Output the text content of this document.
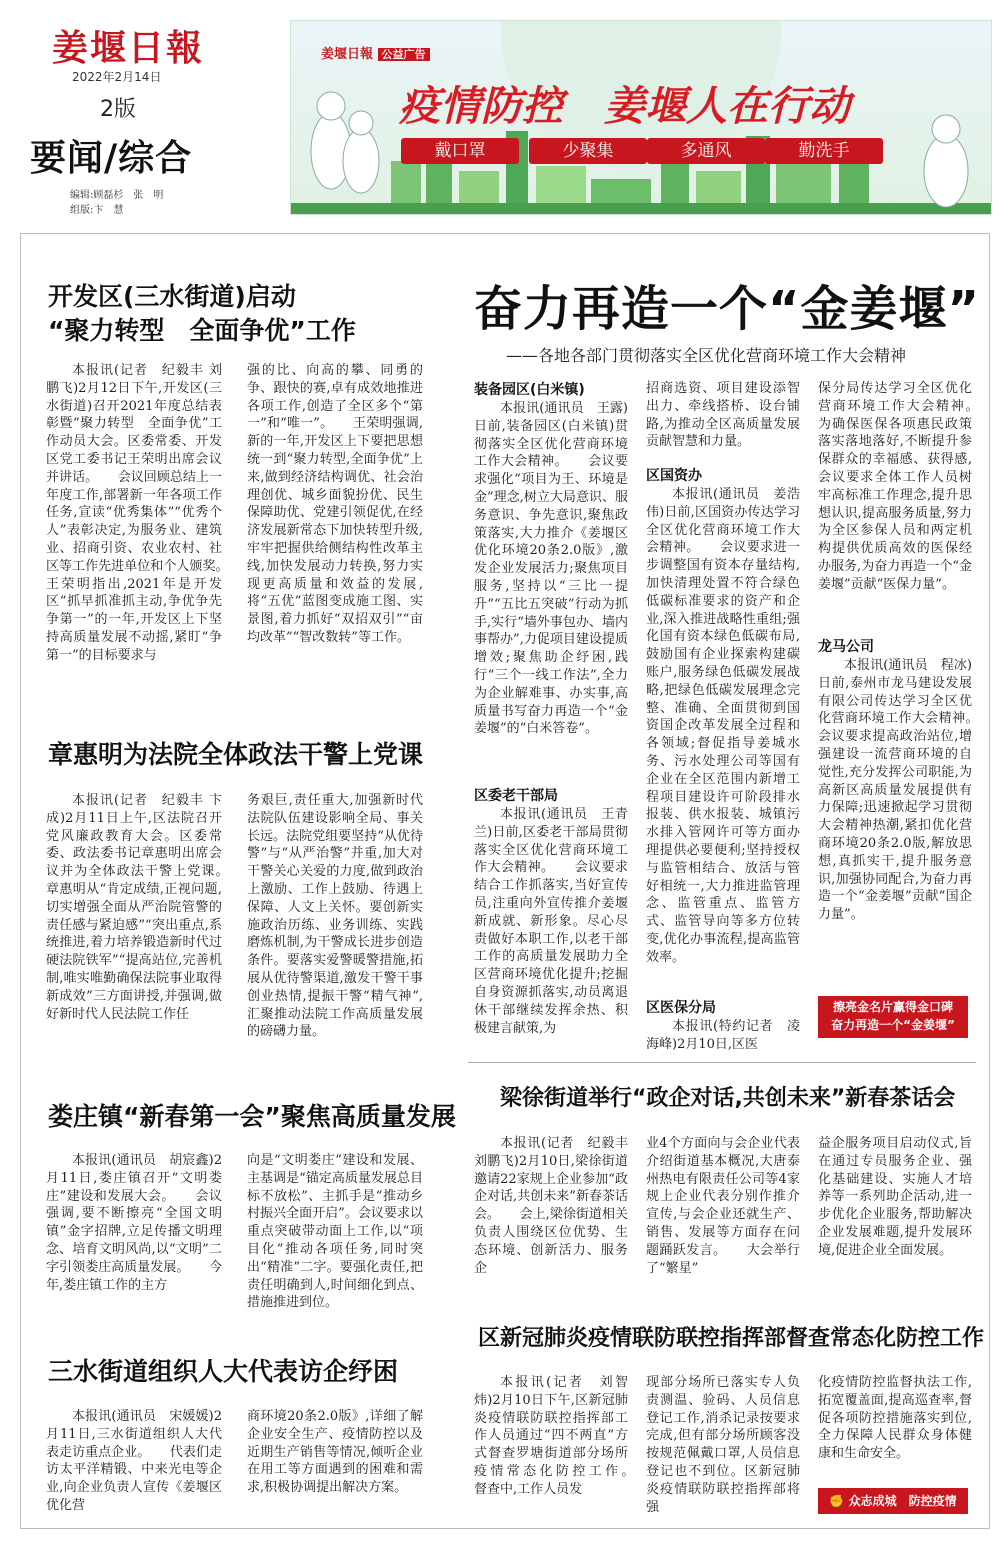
姜堰日報
2022年2月14日
2版
要闻/综合
编辑:顾磊杉　张　明
组版:卞　慧
姜堰日報 公益广告
疫情防控　姜堰人在行动
戴口罩	少聚集	多通风	勤洗手
开发区(三水街道)启动
“聚力转型　全面争优”工作

本报讯(记者　纪毅丰 刘鹏飞)2月12日下午,开发区(三水街道)召开2021年度总结表彰暨“聚力转型　全面争优”工作动员大会。区委常委、开发区党工委书记王荣明出席会议并讲话。　　会议回顾总结上一年度工作,部署新一年各项工作任务,宣读“优秀集体”“优秀个人”表彰决定,为服务业、建筑业、招商引资、农业农村、社区等工作先进单位和个人颁奖。　　王荣明指出,2021年是开发区“抓早抓准抓主动,争优争先争第一”的一年,开发区上下坚持高质量发展不动摇,紧盯“争第一”的目标要求与

强的比、向高的攀、同勇的争、跟快的赛,卓有成效地推进各项工作,创造了全区多个“第一”和“唯一”。　　王荣明强调,新的一年,开发区上下要把思想统一到“聚力转型,全面争优”上来,做到经济结构调优、社会治理创优、城乡面貌扮优、民生保障助优、党建引领促优,在经济发展新常态下加快转型升级,牢牢把握供给侧结构性改革主线,加快发展动力转换,努力实现更高质量和效益的发展,将“五优”蓝图变成施工图、实景图,着力抓好“双招双引”“亩均改革”“智改数转”等工作。

章惠明为法院全体政法干警上党课

本报讯(记者　纪毅丰 卞成)2月11日上午,区法院召开党风廉政教育大会。区委常委、政法委书记章惠明出席会议并为全体政法干警上党课。　　章惠明从“肯定成绩,正视问题,切实增强全面从严治院管警的责任感与紧迫感”“突出重点,系统推进,着力培养锻造新时代过硬法院铁军”“提高站位,完善机制,唯实唯勤确保法院事业取得新成效”三方面讲授,并强调,做好新时代人民法院工作任

务艰巨,责任重大,加强新时代法院队伍建设影响全局、事关长远。法院党组要坚持“从优待警”与“从严治警”并重,加大对干警关心关爱的力度,做到政治上激励、工作上鼓励、待遇上保障、人文上关怀。要创新实施政治历练、业务训练、实践磨炼机制,为干警成长进步创造条件。要落实爱警暖警措施,拓展从优待警渠道,激发干警干事创业热情,提振干警“精气神”,汇聚推动法院工作高质量发展的磅礴力量。

娄庄镇“新春第一会”聚焦高质量发展

本报讯(通讯员　胡宸鑫)2月11日,娄庄镇召开“文明娄庄”建设和发展大会。　　会议强调,要不断擦亮“全国文明镇”金字招牌,立足传播文明理念、培育文明风尚,以“文明”二字引领娄庄高质量发展。　　今年,娄庄镇工作的主方

向是“文明娄庄”建设和发展、主基调是“锚定高质量发展总目标不放松”、主抓手是“推动乡村振兴全面开启”。会议要求以重点突破带动面上工作,以“项目化”推动各项任务,同时突出“精准”二字。要强化责任,把责任明确到人,时间细化到点、措施推进到位。

三水街道组织人大代表访企纾困

本报讯(通讯员　宋媛媛)2月11日,三水街道组织人大代表走访重点企业。　　代表们走访太平洋精锻、中来光电等企业,向企业负责人宣传《姜堰区优化营

商环境20条2.0版》,详细了解企业安全生产、疫情防控以及近期生产销售等情况,倾听企业在用工等方面遇到的困难和需求,积极协调提出解决方案。

奋力再造一个“金姜堰”
——各地各部门贯彻落实全区优化营商环境工作大会精神
装备园区(白米镇)

本报讯(通讯员　王露)日前,装备园区(白米镇)贯彻落实全区优化营商环境工作大会精神。　　会议要求强化“项目为王、环境是金”理念,树立大局意识、服务意识、争先意识,聚焦政策落实,大力推介《姜堰区优化环境20条2.0版》,激发企业发展活力;聚焦项目服务,坚持以“三比一提升”“五比五突破”行动为抓手,实行“墙外事包办、墙内事帮办”,力促项目建设提质增效;聚焦助企纾困,践行“三个一线工作法”,全力为企业解难事、办实事,高质量书写奋力再造一个“金姜堰”的“白米答卷”。

区委老干部局

本报讯(通讯员　王青兰)日前,区委老干部局贯彻落实全区优化营商环境工作大会精神。　　会议要求结合工作抓落实,当好宣传员,注重向外宣传推介姜堰新成就、新形象。尽心尽责做好本职工作,以老干部工作的高质量发展助力全区营商环境优化提升;挖掘自身资源抓落实,动员离退休干部继续发挥余热、积极建言献策,为

招商选资、项目建设添智出力、牵线搭桥、设台铺路,为推动全区高质量发展贡献智慧和力量。

区国资办

本报讯(通讯员　姜浩伟)日前,区国资办传达学习全区优化营商环境工作大会精神。　　会议要求进一步调整国有资本存量结构,加快清理处置不符合绿色低碳标准要求的资产和企业,深入推进战略性重组;强化国有资本绿色低碳布局,鼓励国有企业探索构建碳账户,服务绿色低碳发展战略,把绿色低碳发展理念完整、准确、全面贯彻到国资国企改革发展全过程和各领域;督促指导姜城水务、污水处理公司等国有企业在全区范围内新增工程项目建设许可阶段排水报装、供水报装、城镇污水排入管网许可等方面办理提供必要便利;坚持授权与监管相结合、放活与管好相统一,大力推进监管理念、监管重点、监管方式、监管导向等多方位转变,优化办事流程,提高监管效率。

区医保分局

本报讯(特约记者　凌海峰)2月10日,区医

保分局传达学习全区优化营商环境工作大会精神。　　为确保医保各项惠民政策落实落地落好,不断提升参保群众的幸福感、获得感,会议要求全体工作人员树牢高标准工作理念,提升思想认识,提高服务质量,努力为全区参保人员和两定机构提供优质高效的医保经办服务,为奋力再造一个“金姜堰”贡献“医保力量”。

龙马公司

本报讯(通讯员　程冰)日前,泰州市龙马建设发展有限公司传达学习全区优化营商环境工作大会精神。　　会议要求提高政治站位,增强建设一流营商环境的自觉性,充分发挥公司职能,为高新区高质量发展提供有力保障;迅速掀起学习贯彻大会精神热潮,紧扣优化营商环境20条2.0版,解放思想,真抓实干,提升服务意识,加强协同配合,为奋力再造一个“金姜堰”贡献“国企力量”。

擦亮金名片赢得金口碑
奋力再造一个“金姜堰”
梁徐街道举行“政企对话,共创未来”新春茶话会

本报讯(记者　纪毅丰　刘鹏飞)2月10日,梁徐街道邀请22家规上企业参加“政企对话,共创未来”新春茶话会。　　会上,梁徐街道相关负责人围绕区位优势、生态环境、创新活力、服务企

业4个方面向与会企业代表介绍街道基本概况,大唐泰州热电有限责任公司等4家规上企业代表分别作推介宣传,与会企业还就生产、销售、发展等方面存在问题踊跃发言。　　大会举行了“繁星”

益企服务项目启动仪式,旨在通过专员服务企业、强化基础建设、实施人才培养等一系列助企活动,进一步优化企业服务,帮助解决企业发展难题,提升发展环境,促进企业全面发展。

区新冠肺炎疫情联防联控指挥部督查常态化防控工作

本报讯(记者　刘智炜)2月10日下午,区新冠肺炎疫情联防联控指挥部工作人员通过“四不两直”方式督查罗塘街道部分场所疫情常态化防控工作。　　督查中,工作人员发

现部分场所已落实专人负责测温、验码、人员信息登记工作,消杀记录按要求完成,但有部分场所顾客没按规范佩戴口罩,人员信息登记也不到位。区新冠肺炎疫情联防联控指挥部将强

化疫情防控监督执法工作,拓宽覆盖面,提高巡查率,督促各项防控措施落实到位,全力保障人民群众身体健康和生命安全。

✊ 众志成城　防控疫情
